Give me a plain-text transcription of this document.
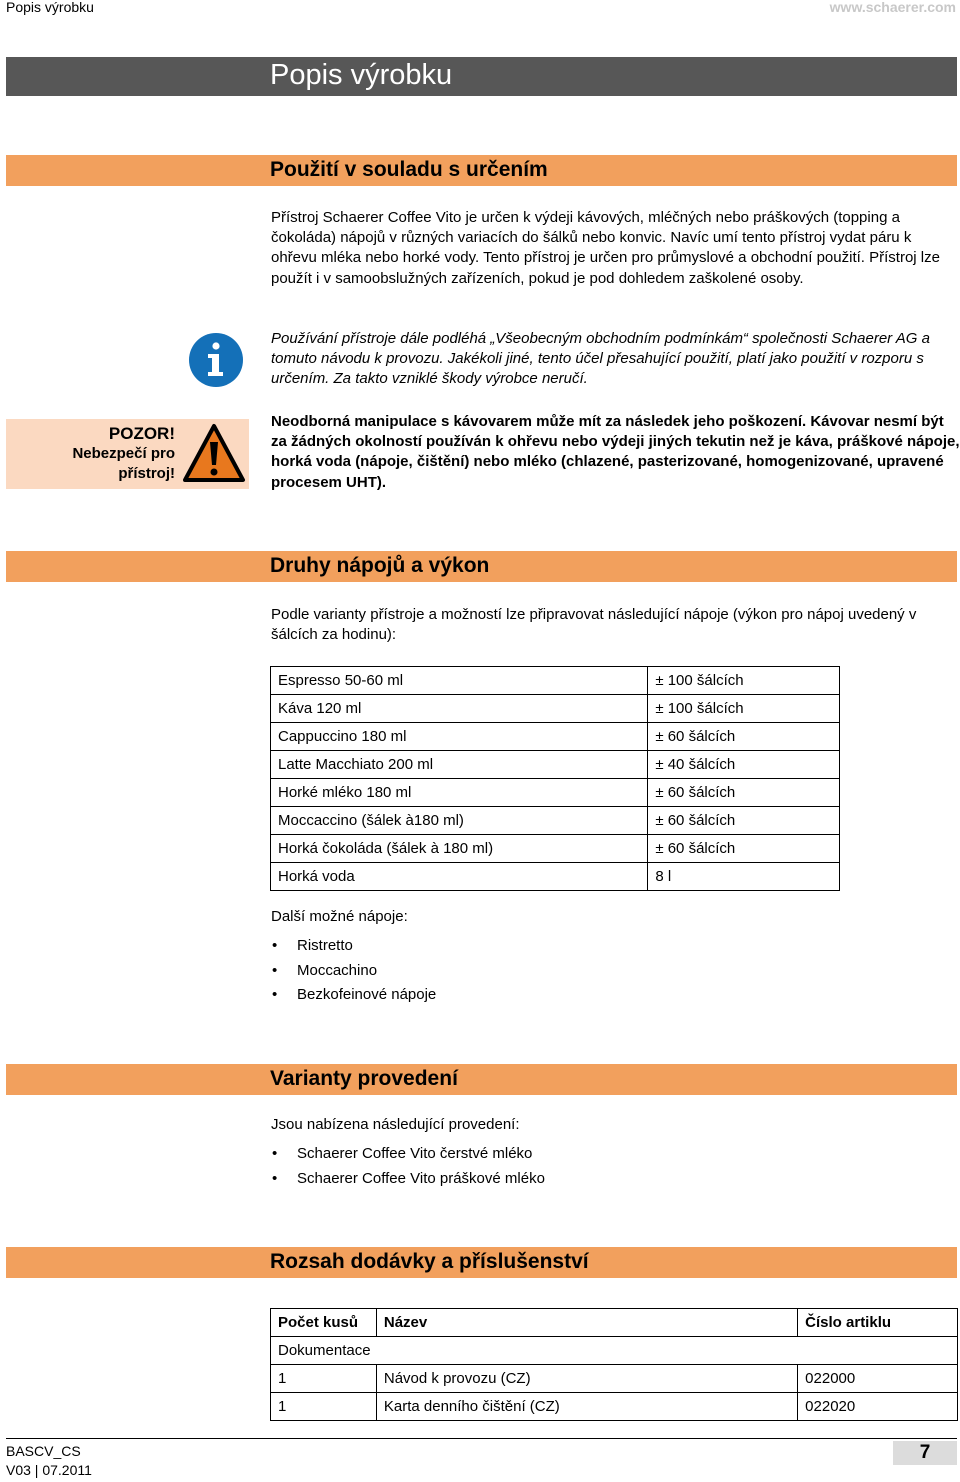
Popis výrobku	www.schaerer.com
Popis výrobku
Použití v souladu s určením

Přístroj Schaerer Coffee Vito je určen k výdeji kávových, mléčných nebo práškových (topping a čokoláda) nápojů v různých variacích do šálků nebo konvic. Navíc umí tento přístroj vydat páru k ohřevu mléka nebo horké vody. Tento přístroj je určen pro průmyslové a obchodní použití. Přístroj lze použít i v samoobslužných zařízeních, pokud je pod dohledem zaškolené osoby.

Používání přístroje dále podléhá „Všeobecným obchodním podmínkám“ společnosti Schaerer AG a tomuto návodu k provozu. Jakékoli jiné, tento účel přesahující použití, platí jako použití v rozporu s určením. Za takto vzniklé škody výrobce neručí.

POZOR!
Nebezpečí pro
přístroj!

Neodborná manipulace s kávovarem může mít za následek jeho poškození. Kávovar nesmí být za žádných okolností používán k ohřevu nebo výdeji jiných tekutin než je káva, práškové nápoje, horká voda (nápoje, čištění) nebo mléko (chlazené, pasterizované, homogenizované, upravené procesem UHT).

Druhy nápojů a výkon

Podle varianty přístroje a možností lze připravovat následující nápoje (výkon pro nápoj uvedený v šálcích za hodinu):

Espresso 50-60 ml	± 100 šálcích
Káva 120 ml	± 100 šálcích
Cappuccino 180 ml	± 60 šálcích
Latte Macchiato 200 ml	± 40 šálcích
Horké mléko 180 ml	± 60 šálcích
Moccaccino (šálek à180 ml)	± 60 šálcích
Horká čokoláda (šálek à 180 ml)	± 60 šálcích
Horká voda	8 l
Další možné nápoje:
• Ristretto
• Moccachino
• Bezkofeinové nápoje
Varianty provedení
Jsou nabízena následující provedení:
• Schaerer Coffee Vito čerstvé mléko
• Schaerer Coffee Vito práškové mléko
Rozsah dodávky a příslušenství
Počet kusů	Název	Číslo artiklu
Dokumentace		
1	Návod k provozu (CZ)	022000
1	Karta denního čištění (CZ)	022020
BASCV_CS
V03 | 07.2011
7
